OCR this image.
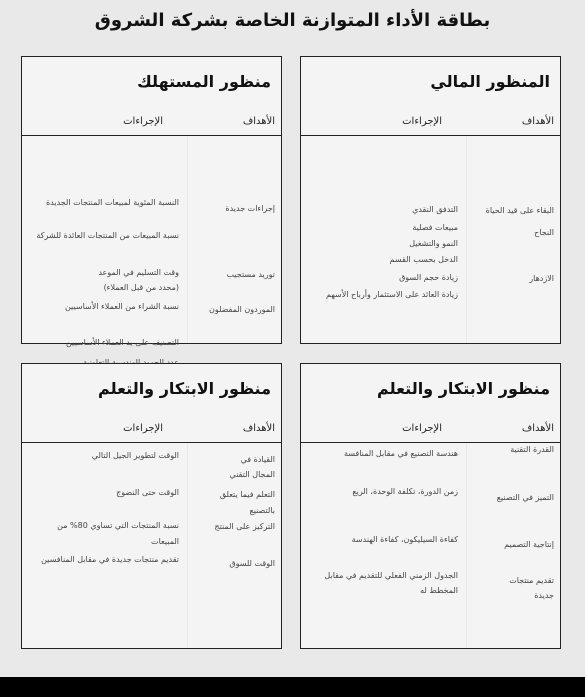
بطاقة الأداء المتوازنة الخاصة بشركة الشروق
المنظور المالي
الأهداف
الإجراءات
البقاء على قيد الحياة
النجاح
الازدهار
التدفق النقدي
مبيعات فصلية
النمو والتشغيل
الدخل بحسب القسم
زيادة حجم السوق
زيادة العائد على الاستثمار وأرباح الأسهم
منظور المستهلك
الأهداف
الإجراءات
إجراءات جديدة
تورید مستجيب
الموردون المفضلون
النسبة المئوية لمبيعات المنتجات الجديدة
نسبة المبيعات من المنتجات العائدة للشركة
وقت التسليم في الموعد
(محدد من قبل العملاء)
نسبة الشراء من العملاء الأساسيين
التصنيف على يد العملاء الأساسيين
منظور الابتكار والتعلم
الأهداف
الإجراءات
القدرة التقنية
التميز في التصنيع
إنتاجية التصميم
تقديم منتجات
جديدة
هندسة التصنيع في مقابل المنافسة
زمن الدورة، تكلفة الوحدة، الريع
كفاءة السيليكون، كفاءة الهندسة
الجدول الزمني الفعلي للتقديم في مقابل
المخطط له
منظور الابتكار والتعلم
الأهداف
الإجراءات
القيادة في
المجال التقني
التعلم فيما يتعلق
بالتصنيع
التركيز على المنتج
الوقت للسوق
الوقت لتطوير الجيل التالي
الوقت حتى النضوج
نسبة المنتجات التي تساوي 80% من
المبيعات
تقديم منتجات جديدة في مقابل المنافسين
